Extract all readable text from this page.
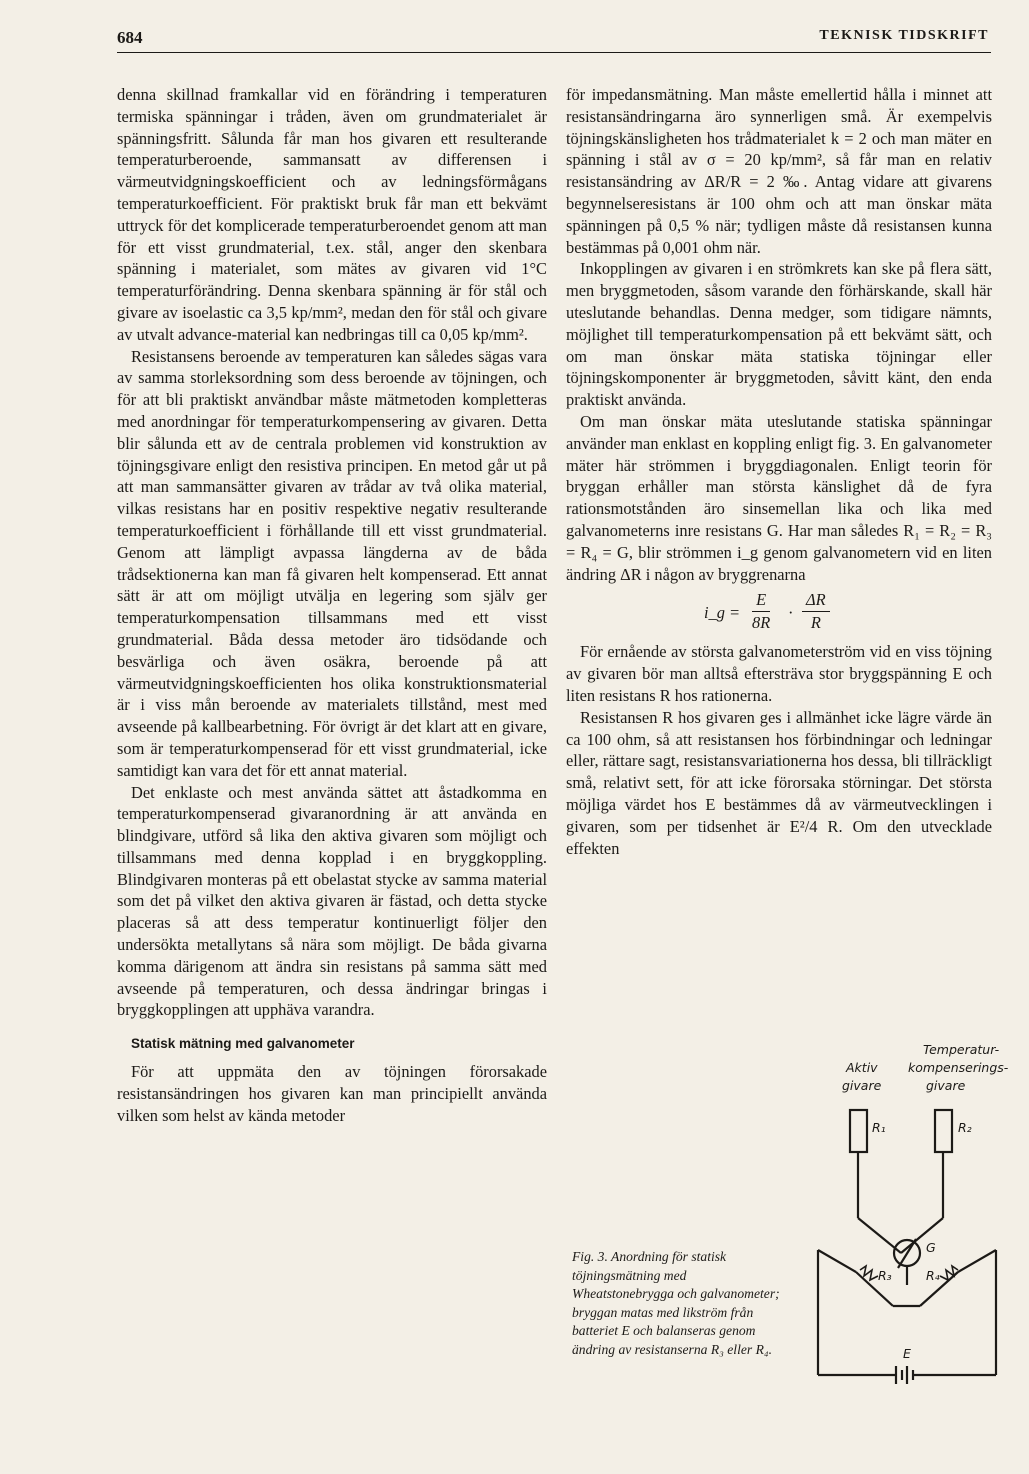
684	TEKNISK TIDSKRIFT

denna skillnad framkallar vid en förändring i temperaturen termiska spänningar i tråden, även om grundmaterialet är spänningsfritt. Sålunda får man hos givaren ett resulterande temperaturberoende, sammansatt av differensen i värmeutvidgningskoefficient och av ledningsförmågans temperaturkoefficient. För praktiskt bruk får man ett bekvämt uttryck för det komplicerade temperaturberoendet genom att man för ett visst grundmaterial, t.ex. stål, anger den skenbara spänning i materialet, som mätes av givaren vid 1°C temperaturförändring. Denna skenbara spänning är för stål och givare av isoelastic ca 3,5 kp/mm², medan den för stål och givare av utvalt advance-material kan nedbringas till ca 0,05 kp/mm².

Resistansens beroende av temperaturen kan således sägas vara av samma storleksordning som dess beroende av töjningen, och för att bli praktiskt användbar måste mätmetoden kompletteras med anordningar för temperaturkompensering av givaren. Detta blir sålunda ett av de centrala problemen vid konstruktion av töjningsgivare enligt den resistiva principen. En metod går ut på att man sammansätter givaren av trådar av två olika material, vilkas resistans har en positiv respektive negativ resulterande temperaturkoefficient i förhållande till ett visst grundmaterial. Genom att lämpligt avpassa längderna av de båda trådsektionerna kan man få givaren helt kompenserad. Ett annat sätt är att om möjligt utvälja en legering som själv ger temperaturkompensation tillsammans med ett visst grundmaterial. Båda dessa metoder äro tidsödande och besvärliga och även osäkra, beroende på att värmeutvidgningskoefficienten hos olika konstruktionsmaterial är i viss mån beroende av materialets tillstånd, mest med avseende på kallbearbetning. För övrigt är det klart att en givare, som är temperaturkompenserad för ett visst grundmaterial, icke samtidigt kan vara det för ett annat material.

Det enklaste och mest använda sättet att åstadkomma en temperaturkompenserad givaranordning är att använda en blindgivare, utförd så lika den aktiva givaren som möjligt och tillsammans med denna kopplad i en bryggkoppling. Blindgivaren monteras på ett obelastat stycke av samma material som det på vilket den aktiva givaren är fästad, och detta stycke placeras så att dess temperatur kontinuerligt följer den undersökta metallytans så nära som möjligt. De båda givarna komma därigenom att ändra sin resistans på samma sätt med avseende på temperaturen, och dessa ändringar bringas i bryggkopplingen att upphäva varandra.

Statisk mätning med galvanometer

För att uppmäta den av töjningen förorsakade resistansändringen hos givaren kan man principiellt använda vilken som helst av kända metoder

för impedansmätning. Man måste emellertid hålla i minnet att resistansändringarna äro synnerligen små. Är exempelvis töjningskänsligheten hos trådmaterialet k = 2 och man mäter en spänning i stål av σ = 20 kp/mm², så får man en relativ resistansändring av ΔR/R = 2 ‰. Antag vidare att givarens begynnelseresistans är 100 ohm och att man önskar mäta spänningen på 0,5 % när; tydligen måste då resistansen kunna bestämmas på 0,001 ohm när.

Inkopplingen av givaren i en strömkrets kan ske på flera sätt, men bryggmetoden, såsom varande den förhärskande, skall här uteslutande behandlas. Denna medger, som tidigare nämnts, möjlighet till temperaturkompensation på ett bekvämt sätt, och om man önskar mäta statiska töjningar eller töjningskomponenter är bryggmetoden, såvitt känt, den enda praktiskt använda.

Om man önskar mäta uteslutande statiska spänningar använder man enklast en koppling enligt fig. 3. En galvanometer mäter här strömmen i bryggdiagonalen. Enligt teorin för bryggan erhåller man största känslighet då de fyra rationsmotstånden äro sinsemellan lika och lika med galvanometerns inre resistans G. Har man således R₁ = R₂ = R₃ = R₄ = G, blir strömmen i_g genom galvanometern vid en liten ändring ΔR i någon av bryggrenarna

i_g = $\frac{E}{8R} \cdot \frac{\Delta R}{R}$

För ernående av största galvanometerström vid en viss töjning av givaren bör man alltså eftersträva stor bryggspänning E och liten resistans R hos rationerna.

Resistansen R hos givaren ges i allmänhet icke lägre värde än ca 100 ohm, så att resistansen hos förbindningar och ledningar eller, rättare sagt, resistansvariationerna hos dessa, bli tillräckligt små, relativt sett, för att icke förorsaka störningar. Det största möjliga värdet hos E bestämmes då av värmeutvecklingen i givaren, som per tidsenhet är E²/4 R. Om den utvecklade effekten

Fig. 3. Anordning för statisk töjningsmätning med Wheatstonebrygga och galvanometer; bryggan matas med likström från batteriet E och balanseras genom ändring av resistanserna R₃ eller R₄.
Temperatur-
kompenserings-
givare
Aktiv
givare
R₁	R₂
R₃	R₄
G
E
